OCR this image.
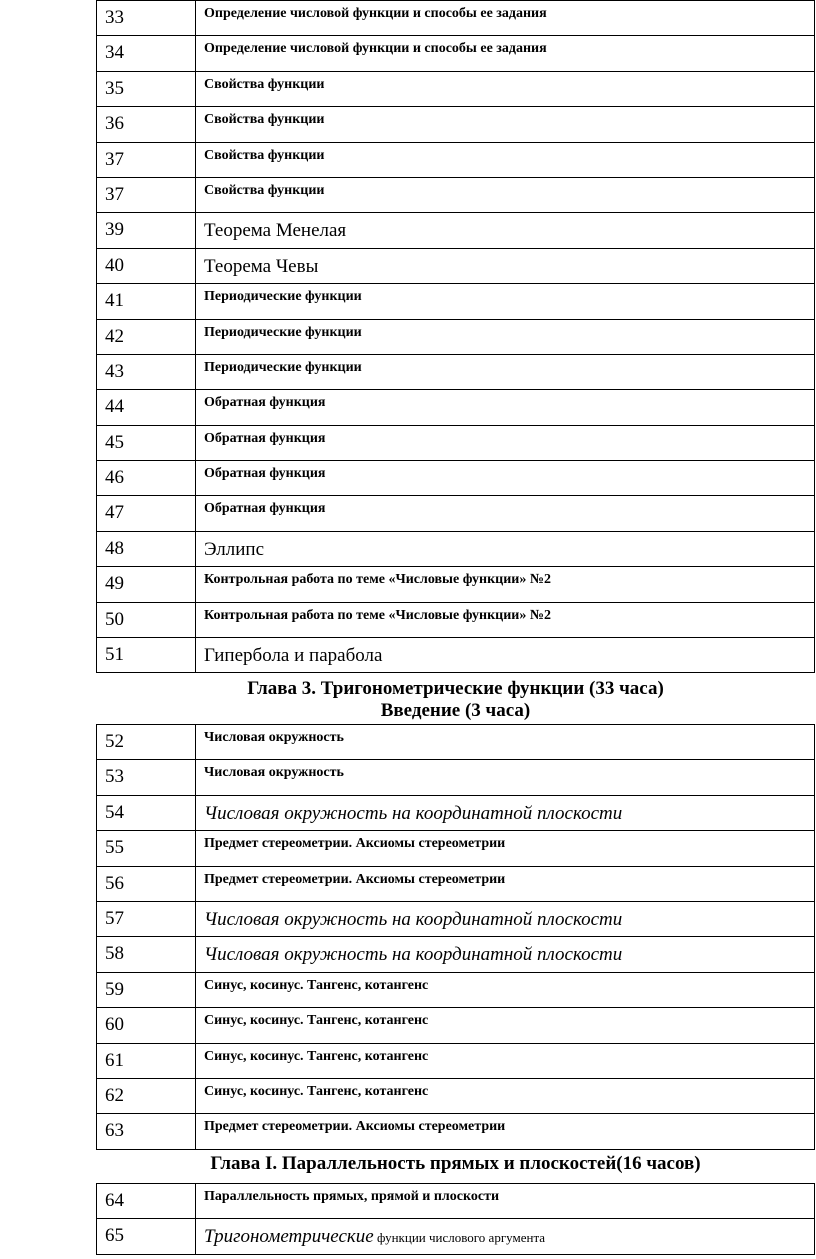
33	Определение числовой функции и способы ее задания
34	Определение числовой функции и способы ее задания
35	Свойства функции
36	Свойства функции
37	Свойства функции
37	Свойства функции
39	Теорема Менелая
40	Теорема Чевы
41	Периодические функции
42	Периодические функции
43	Периодические функции
44	Обратная функция
45	Обратная функция
46	Обратная функция
47	Обратная функция
48	Эллипс
49	Контрольная работа по теме «Числовые функции» №2
50	Контрольная работа по теме «Числовые функции» №2
51	Гипербола и парабола
Глава 3. Тригонометрические функции (33 часа)
Введение (3 часа)
52	Числовая окружность
53	Числовая окружность
54	Числовая окружность на координатной плоскости
55	Предмет стереометрии. Аксиомы стереометрии
56	Предмет стереометрии. Аксиомы стереометрии
57	Числовая окружность на координатной плоскости
58	Числовая окружность на координатной плоскости
59	Синус, косинус. Тангенс, котангенс
60	Синус, косинус. Тангенс, котангенс
61	Синус, косинус. Тангенс, котангенс
62	Синус, косинус. Тангенс, котангенс
63	Предмет стереометрии. Аксиомы стереометрии
Глава I. Параллельность прямых и плоскостей(16 часов)
64	Параллельность прямых, прямой и плоскости
65	Тригонометрические функции числового аргумента
